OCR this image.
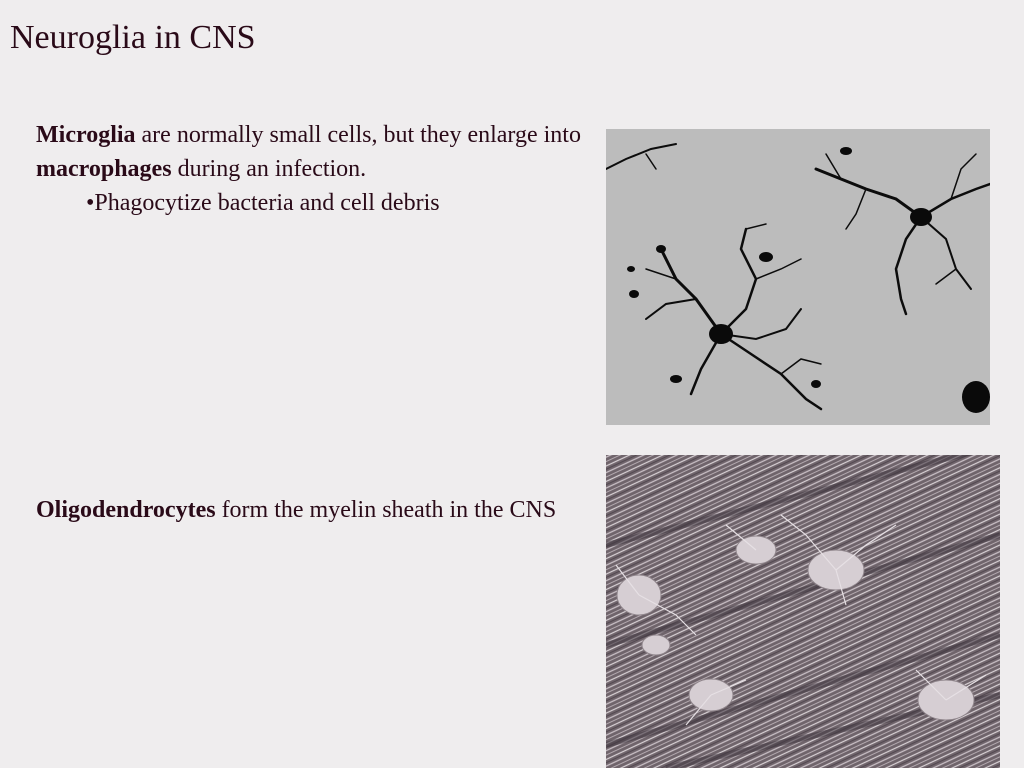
Neuroglia in CNS
Microglia are normally small cells, but they enlarge into macrophages during an infection.
•Phagocytize bacteria and cell debris
Oligodendrocytes form the myelin sheath in the CNS
